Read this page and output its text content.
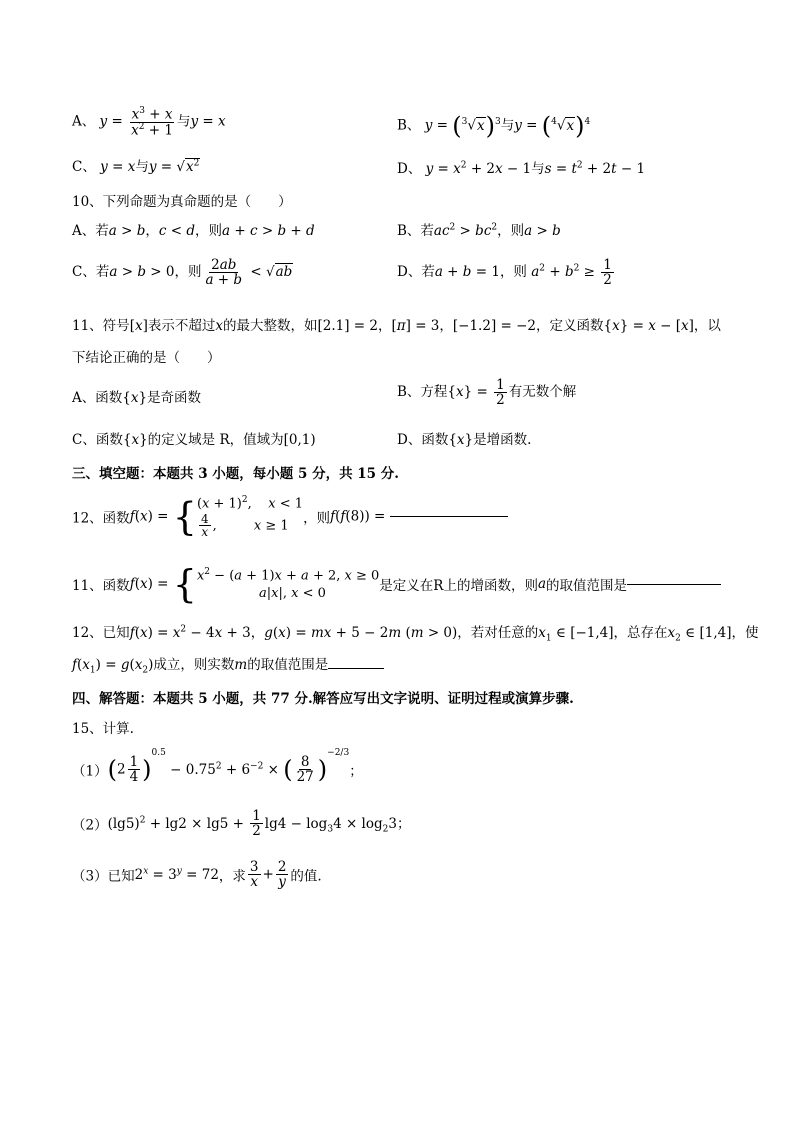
A、 $y = \frac{x^3 + x}{x^2 + 1}$ 与y = x	B、 $y = (^3√x)^3$与$y = (^4√x)^4$
C、 y = x与$y = √x^2$	D、 $y = x^2 + 2x - 1$与$s = t^2 + 2t - 1$
10、下列命题为真命题的是（　　）
A、若a > b，c < d，则a + c > b + d	B、若$ac^2 > bc^2$，则a > b
C、若a > b > 0，则 $\frac{2ab}{a + b} < √ab$	D、若a + b = 1，则 $a^2 + b^2 \ge \frac{1}{2}$
11、符号[x]表示不超过x的最大整数，如[2.1] = 2，[π] = 3，[−1.2] = −2，定义函数{x} = x − [x]，以
下结论正确的是（　　）
A、函数{x}是奇函数	B、方程$\{x\} = \frac{1}{2}$ 有无数个解
C、函数{x}的定义域是 R，值域为[0,1)	D、函数{x}是增函数.
三、填空题：本题共 3 小题，每小题 5 分，共 15 分.
12、函数$f(x) = \{(x + 1)^2$,    x < 1

$\frac{4}{x}$ ,         x ≥ 1，则f(f(8)) =
11、函数$f(x) = \{x^2 - (a + 1)x + a + 2$, x ≥ 0
a|x|, x < 0	是定义在R上的增函数，则a的取值范围是
12、已知$f(x) = x^2 - 4x + 3$，g(x) = mx + 5 − 2m (m > 0)，若对任意的$x_1$ ∈ [−1,4]，总存在$x_2$ ∈ [1,4]，使
$f(x_1) = g(x_2)$成立，则实数m的取值范围是
四、解答题：本题共 5 小题，共 77 分.解答应写出文字说明、证明过程或演算步骤.
15、计算.
$(1)(2 \frac{1}{4} )^{0.5} - 0.75^2 + 6^{-2}$ × ( $\frac{8}{27} )^{-2/3}$；
$(2)(\lg 5)^2 + \lg 2 \times \lg 5 + \frac{1}{2} \lg 4 - \log_34 \times \log_23$；
（3）已知$2^x = 3^y = 72$，求 $\frac{3}{x} + \frac{2}{y}$ 的值.
